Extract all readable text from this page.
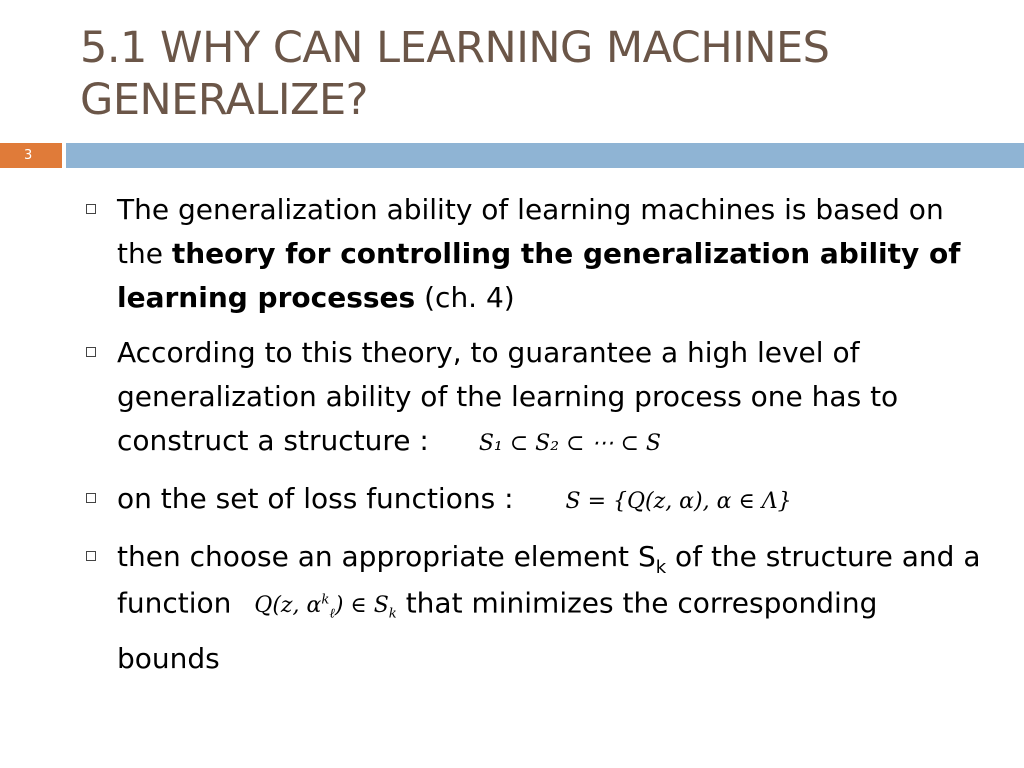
5.1 WHY CAN LEARNING MACHINES GENERALIZE?
3
The generalization ability of learning machines is based on the theory for controlling the generalization ability of learning processes (ch. 4)
According to this theory, to guarantee a high level of generalization ability of the learning process one has to construct a structure : S₁ ⊂ S₂ ⊂ ⋯ ⊂ S
on the set of loss functions : S = {Q(z, α), α ∈ Λ}
then choose an appropriate element $S_k$ of the structure and a function Q(z, $\alpha^k_\ell$) ∈ $S_k$ that minimizes the corresponding bounds
